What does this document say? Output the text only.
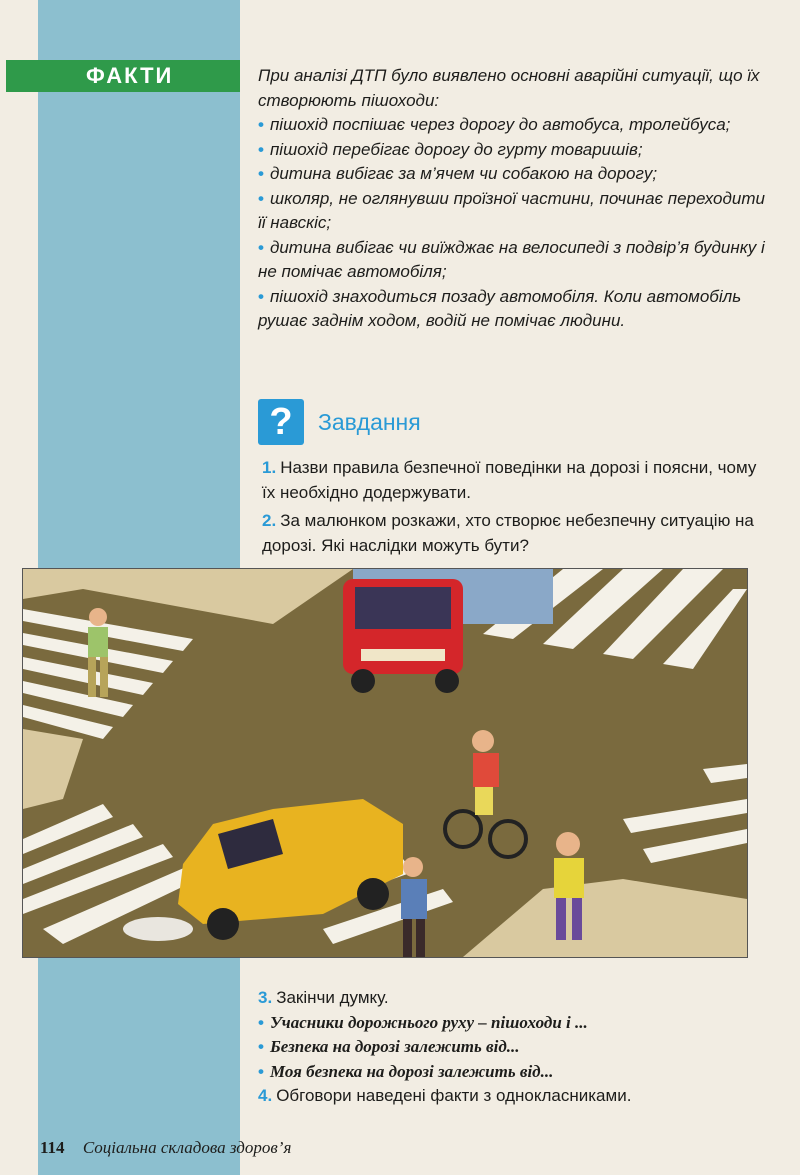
ФАКТИ	При аналізі ДТП було виявлено основні аварійні ситуації, що їх створюють пішоходи:

• пішохід поспішає через дорогу до автобуса, тролейбуса;
• пішохід перебігає дорогу до гурту товаришів;
• дитина вибігає за м’ячем чи собакою на дорогу;
• школяр, не оглянувши проїзної частини, починає переходити її навскіс;
• дитина вибігає чи виїжджає на велосипеді з подвір’я будинку і не помічає автомобіля;
• пішохід знаходиться позаду автомобіля. Коли автомобіль рушає заднім ходом, водій не помічає людини.
?	Завдання
1. Назви правила безпечної поведінки на дорозі і поясни, чому їх необхідно додержувати.
2. За малюнком розкажи, хто створює небезпечну ситуацію на дорозі. Які наслідки можуть бути?
3. Закінчи думку.
• Учасники дорожнього руху – пішоходи і ...
• Безпека на дорозі залежить від...
• Моя безпека на дорозі залежить від...
4. Обговори наведені факти з однокласниками.
114 Соціальна складова здоров’я
